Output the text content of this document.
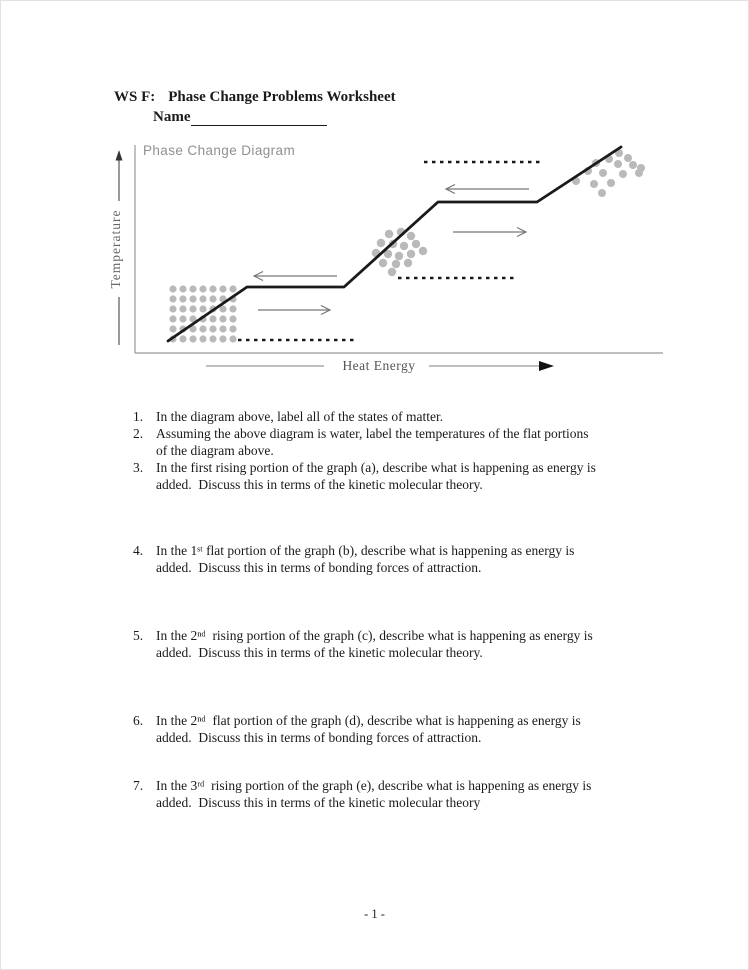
WS F: Phase Change Problems Worksheet
Name
Temperature
Phase Change Diagram
Heat Energy
1. In the diagram above, label all of the states of matter.
2. Assuming the above diagram is water, label the temperatures of the flat portions
of the diagram above.
3. In the first rising portion of the graph (a), describe what is happening as energy is
added.  Discuss this in terms of the kinetic molecular theory.
4. In the 1ˢᵗ flat portion of the graph (b), describe what is happening as energy is
added.  Discuss this in terms of bonding forces of attraction.
5. In the 2ⁿᵈ  rising portion of the graph (c), describe what is happening as energy is
added.  Discuss this in terms of the kinetic molecular theory.
6. In the 2ⁿᵈ  flat portion of the graph (d), describe what is happening as energy is
added.  Discuss this in terms of bonding forces of attraction.
7. In the 3ʳᵈ  rising portion of the graph (e), describe what is happening as energy is
added.  Discuss this in terms of the kinetic molecular theory
- 1 -
